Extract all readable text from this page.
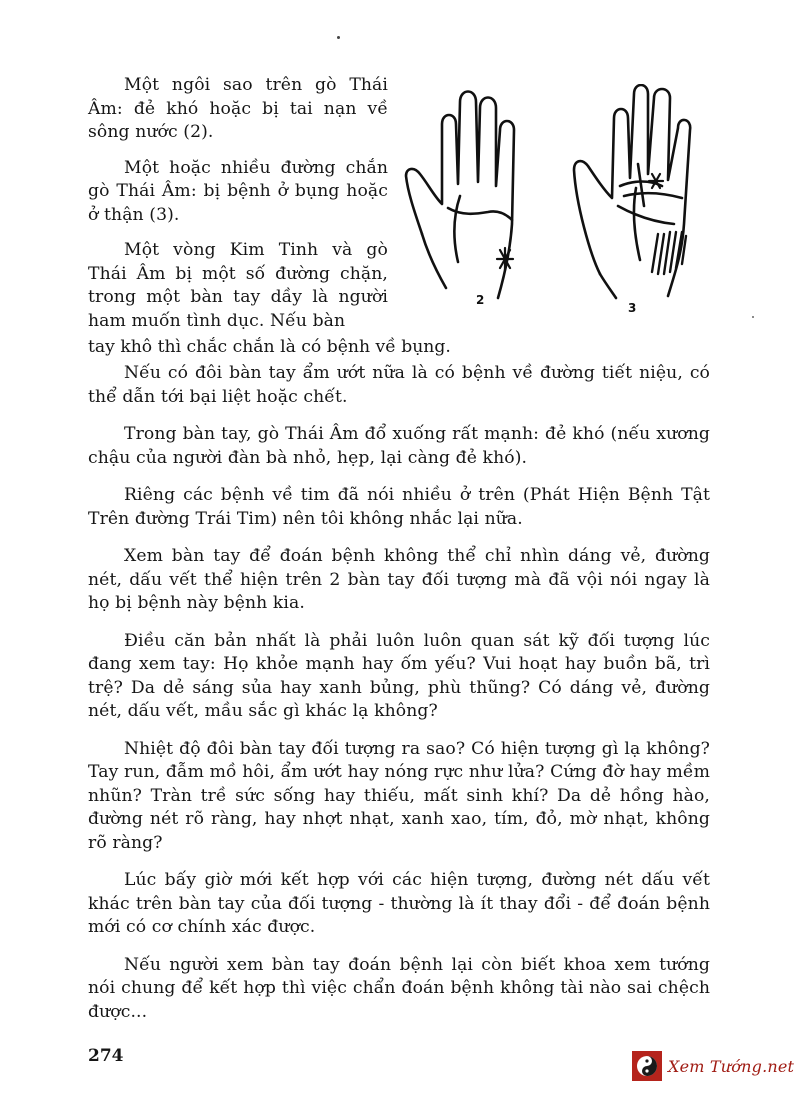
Một ngôi sao trên gò Thái Âm: đẻ khó hoặc bị tai nạn về sông nước (2).

Một hoặc nhiều đường chắn gò Thái Âm: bị bệnh ở bụng hoặc ở thận (3).

Một vòng Kim Tinh và gò Thái Âm bị một số đường chặn, trong một bàn tay dầy là người ham muốn tình dục. Nếu bàn

2
3
tay khô thì chắc chắn là có bệnh về bụng.

Nếu có đôi bàn tay ẩm ướt nữa là có bệnh về đường tiết niệu, có thể dẫn tới bại liệt hoặc chết.

Trong bàn tay, gò Thái Âm đổ xuống rất mạnh: đẻ khó (nếu xương chậu của người đàn bà nhỏ, hẹp, lại càng đẻ khó).

Riêng các bệnh về tim đã nói nhiều ở trên (Phát Hiện Bệnh Tật Trên đường Trái Tim) nên tôi không nhắc lại nữa.

Xem bàn tay để đoán bệnh không thể chỉ nhìn dáng vẻ, đường nét, dấu vết thể hiện trên 2 bàn tay đối tượng mà đã vội nói ngay là họ bị bệnh này bệnh kia.

Điều căn bản nhất là phải luôn luôn quan sát kỹ đối tượng lúc đang xem tay: Họ khỏe mạnh hay ốm yếu? Vui hoạt hay buồn bã, trì trệ? Da dẻ sáng sủa hay xanh bủng, phù thũng? Có dáng vẻ, đường nét, dấu vết, mầu sắc gì khác lạ không?

Nhiệt độ đôi bàn tay đối tượng ra sao? Có hiện tượng gì lạ không? Tay run, đẫm mồ hôi, ẩm ướt hay nóng rực như lửa? Cứng đờ hay mềm nhũn? Tràn trề sức sống hay thiếu, mất sinh khí? Da dẻ hồng hào, đường nét rõ ràng, hay nhợt nhạt, xanh xao, tím, đỏ, mờ nhạt, không rõ ràng?

Lúc bấy giờ mới kết hợp với các hiện tượng, đường nét dấu vết khác trên bàn tay của đối tượng - thường là ít thay đổi - để đoán bệnh mới có cơ chính xác được.

Nếu người xem bàn tay đoán bệnh lại còn biết khoa xem tướng nói chung để kết hợp thì việc chẩn đoán bệnh không tài nào sai chệch được...

274	Xem Tướng.net
